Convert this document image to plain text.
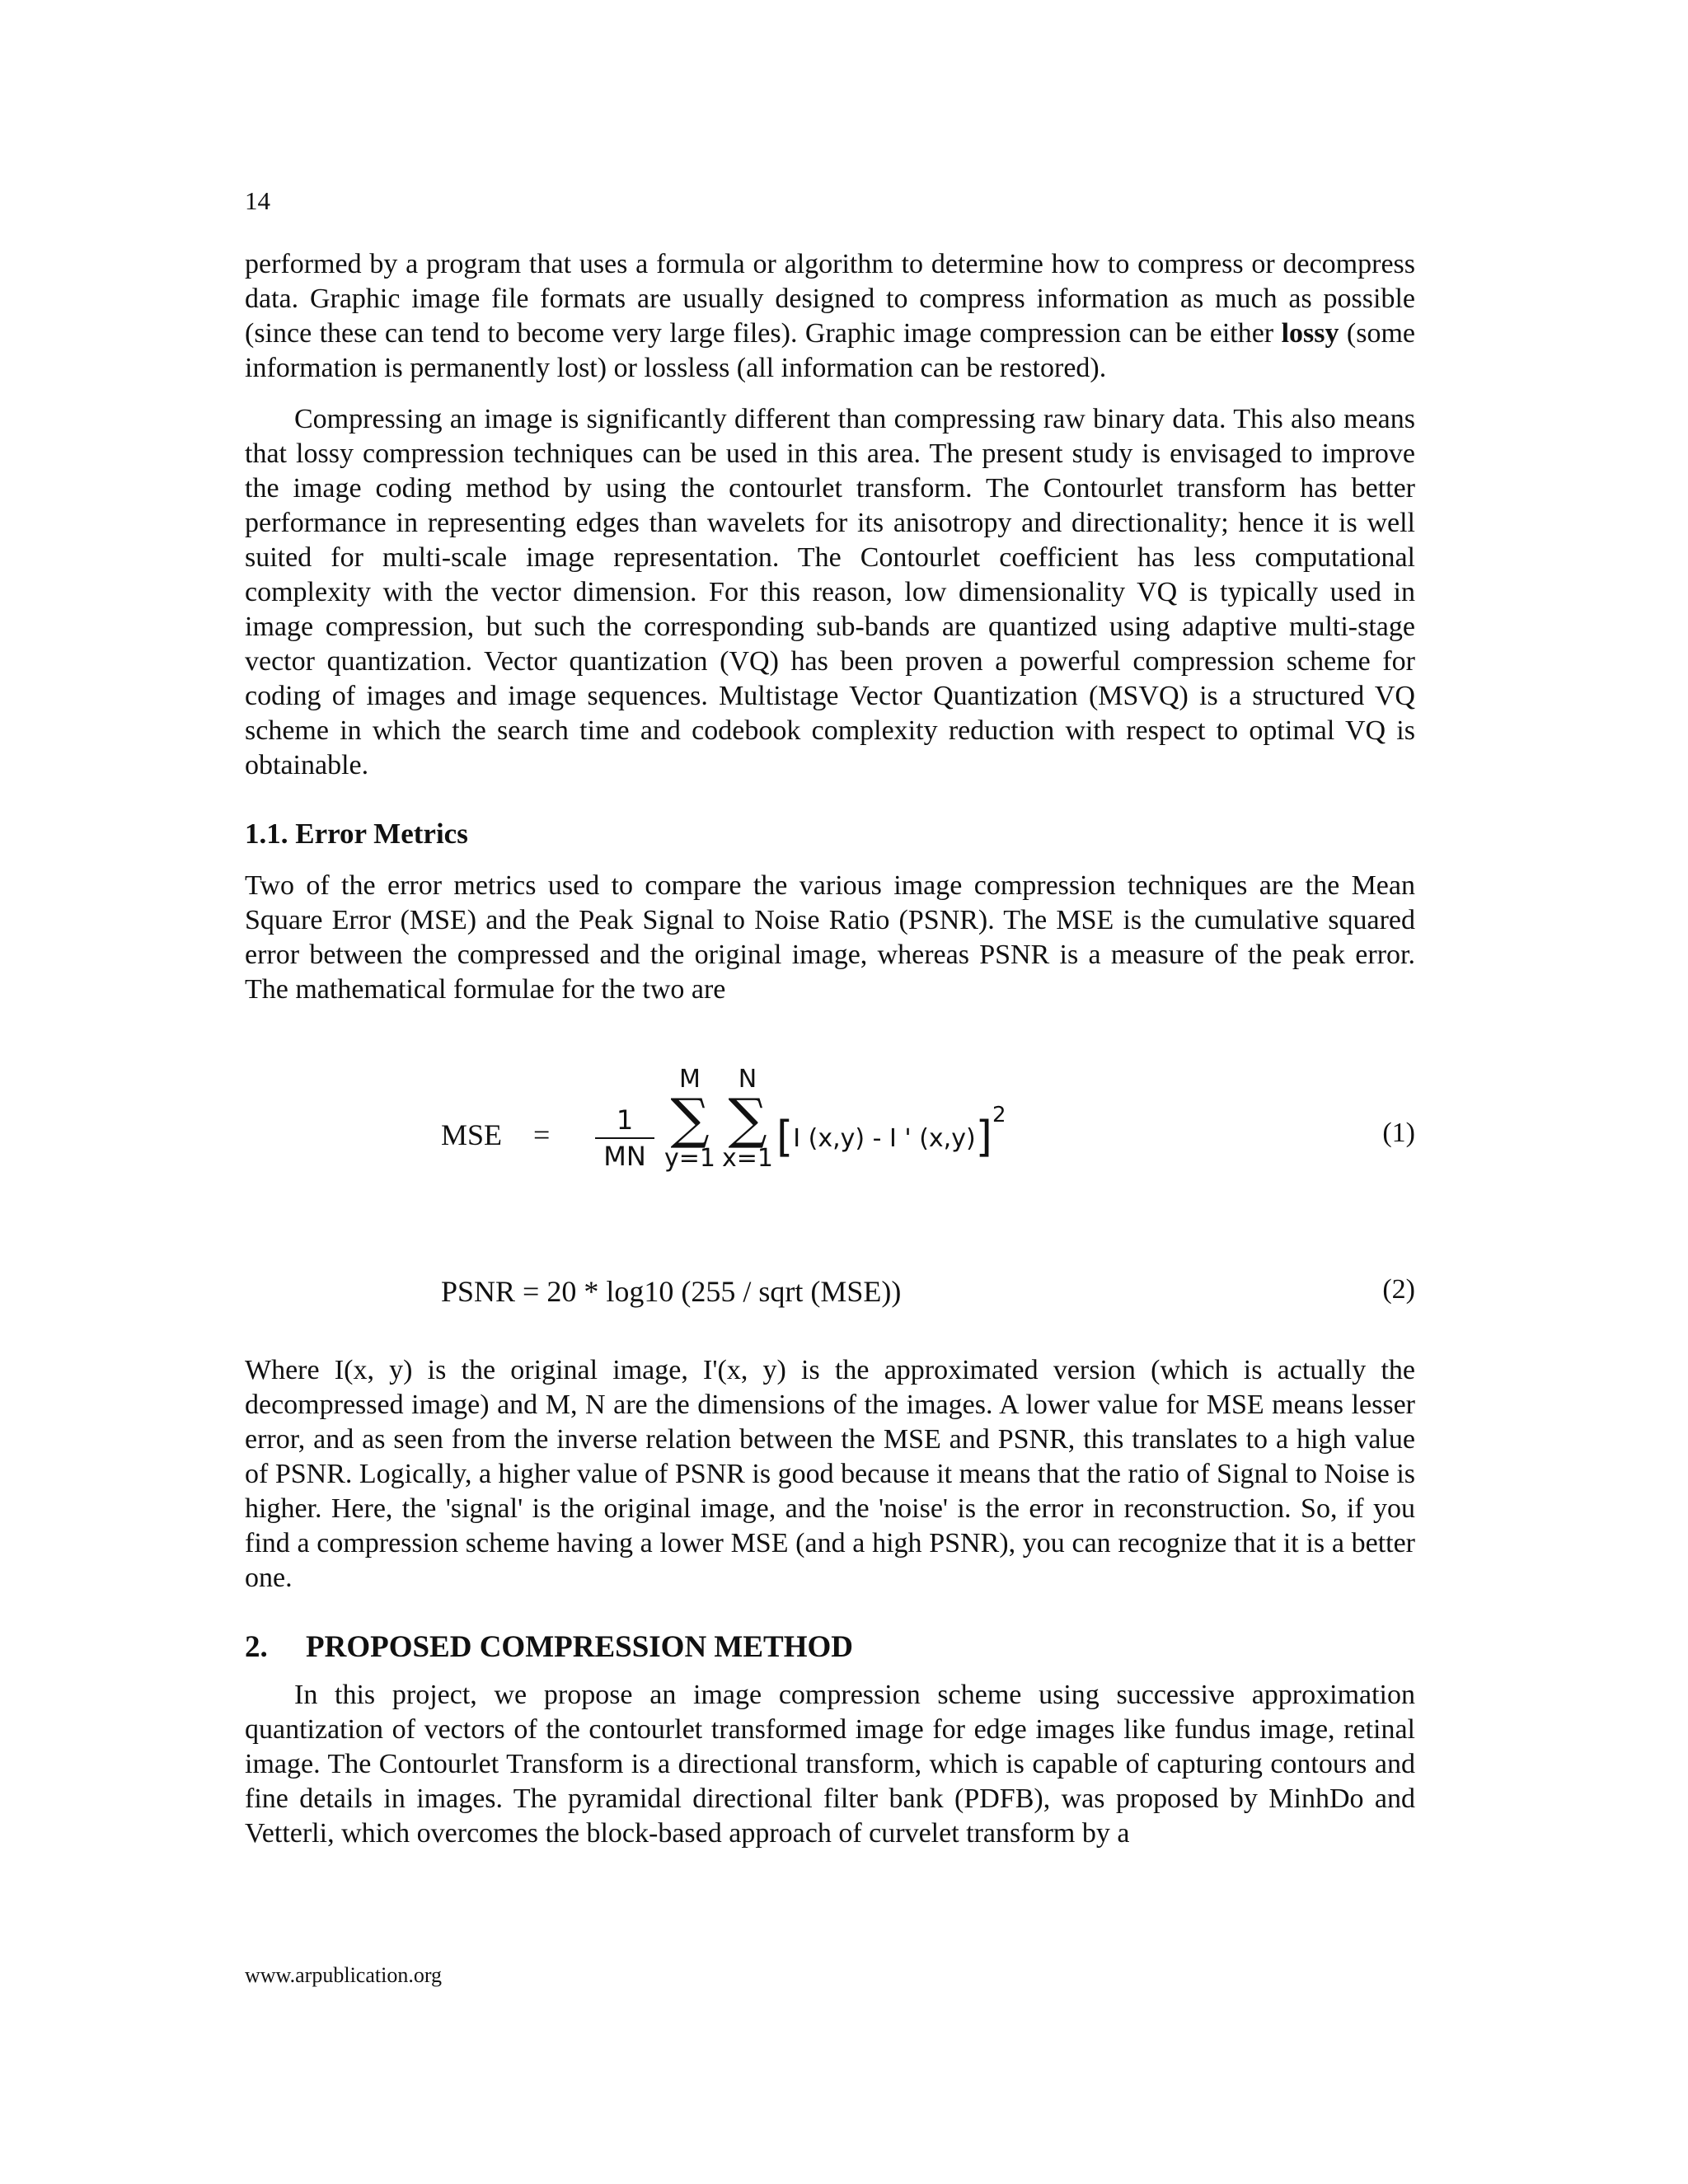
14

performed by a program that uses a formula or algorithm to determine how to compress or decompress data. Graphic image file formats are usually designed to compress information as much as possible (since these can tend to become very large files). Graphic image compression can be either lossy (some information is permanently lost) or lossless (all information can be restored).

Compressing an image is significantly different than compressing raw binary data. This also means that lossy compression techniques can be used in this area. The present study is envisaged to improve the image coding method by using the contourlet transform. The Contourlet transform has better performance in representing edges than wavelets for its anisotropy and directionality; hence it is well suited for multi-scale image representation. The Contourlet coefficient has less computational complexity with the vector dimension. For this reason, low dimensionality VQ is typically used in image compression, but such the corresponding sub-bands are quantized using adaptive multi-stage vector quantization. Vector quantization (VQ) has been proven a powerful compression scheme for coding of images and image sequences. Multistage Vector Quantization (MSVQ) is a structured VQ scheme in which the search time and codebook complexity reduction with respect to optimal VQ is obtainable.

1.1. Error Metrics

Two of the error metrics used to compare the various image compression techniques are the Mean Square Error (MSE) and the Peak Signal to Noise Ratio (PSNR). The MSE is the cumulative squared error between the compressed and the original image, whereas PSNR is a measure of the peak error. The mathematical formulae for the two are

MSE = $\frac{1}{MN}$
M
∑
y=1
N
∑
x=1 [I (x,y) - I ' (x,y)]2
(1)
PSNR = 20 * log10 (255 / sqrt (MSE))	(2)

Where I(x, y) is the original image, I'(x, y) is the approximated version (which is actually the decompressed image) and M, N are the dimensions of the images. A lower value for MSE means lesser error, and as seen from the inverse relation between the MSE and PSNR, this translates to a high value of PSNR. Logically, a higher value of PSNR is good because it means that the ratio of Signal to Noise is higher. Here, the 'signal' is the original image, and the 'noise' is the error in reconstruction. So, if you find a compression scheme having a lower MSE (and a high PSNR), you can recognize that it is a better one.

2. PROPOSED COMPRESSION METHOD

In this project, we propose an image compression scheme using successive approximation quantization of vectors of the contourlet transformed image for edge images like fundus image, retinal image. The Contourlet Transform is a directional transform, which is capable of capturing contours and fine details in images. The pyramidal directional filter bank (PDFB), was proposed by MinhDo and Vetterli, which overcomes the block-based approach of curvelet transform by a

www.arpublication.org
